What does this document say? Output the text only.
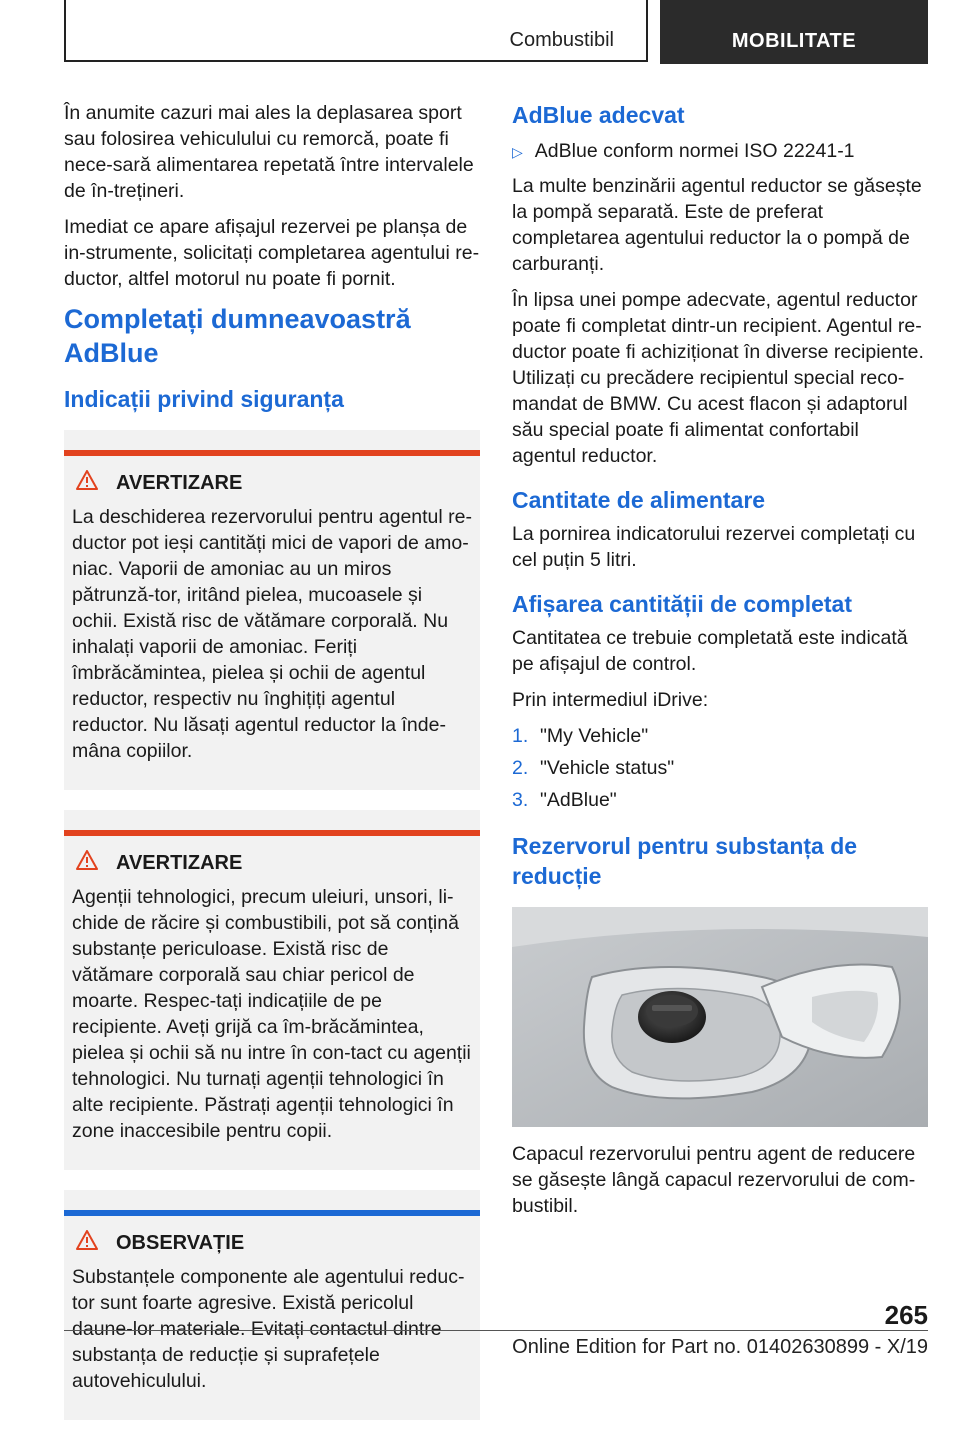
Combustibil	MOBILITATE

În anumite cazuri mai ales la deplasarea sport sau folosirea vehiculului cu remorcă, poate fi nece-sară alimentarea repetată între intervalele de în-trețineri.

Imediat ce apare afișajul rezervei pe planșa de in-strumente, solicitați completarea agentului re-ductor, altfel motorul nu poate fi pornit.

Completați dumneavoastră AdBlue
Indicații privind siguranța
AVERTIZARE

La deschiderea rezervorului pentru agentul re-ductor pot ieși cantități mici de vapori de amo-niac. Vaporii de amoniac au un miros pătrunză-tor, iritând pielea, mucoasele și ochii. Există risc de vătămare corporală. Nu inhalați vaporii de amoniac. Feriți îmbrăcămintea, pielea și ochii de agentul reductor, respectiv nu înghițiți agentul reductor. Nu lăsați agentul reductor la înde-mâna copiilor.

AVERTIZARE

Agenții tehnologici, precum uleiuri, unsori, li-chide de răcire și combustibili, pot să conțină substanțe periculoase. Există risc de vătămare corporală sau chiar pericol de moarte. Respec-tați indicațiile de pe recipiente. Aveți grijă ca îm-brăcămintea, pielea și ochii să nu intre în con-tact cu agenții tehnologici. Nu turnați agenții tehnologici în alte recipiente. Păstrați agenții tehnologici în zone inaccesibile pentru copii.

OBSERVAȚIE

Substanțele componente ale agentului reduc-tor sunt foarte agresive. Există pericolul daune-lor materiale. Evitați contactul dintre substanța de reducție și suprafețele autovehiculului.

AdBlue adecvat
▷ AdBlue conform normei ISO 22241-1

La multe benzinării agentul reductor se găsește la pompă separată. Este de preferat completarea agentului reductor la o pompă de carburanți.

În lipsa unei pompe adecvate, agentul reductor poate fi completat dintr-un recipient. Agentul re-ductor poate fi achiziționat în diverse recipiente. Utilizați cu precădere recipientul special reco-mandat de BMW. Cu acest flacon și adaptorul său special poate fi alimentat confortabil agentul reductor.

Cantitate de alimentare

La pornirea indicatorului rezervei completați cu cel puțin 5 litri.

Afișarea cantității de completat

Cantitatea ce trebuie completată este indicată pe afișajul de control.

Prin intermediul iDrive:

1. "My Vehicle"
2. "Vehicle status"
3. "AdBlue"
Rezervorul pentru substanța de reducție

Capacul rezervorului pentru agent de reducere se găsește lângă capacul rezervorului de com-bustibil.

265
Online Edition for Part no. 01402630899 - X/19
